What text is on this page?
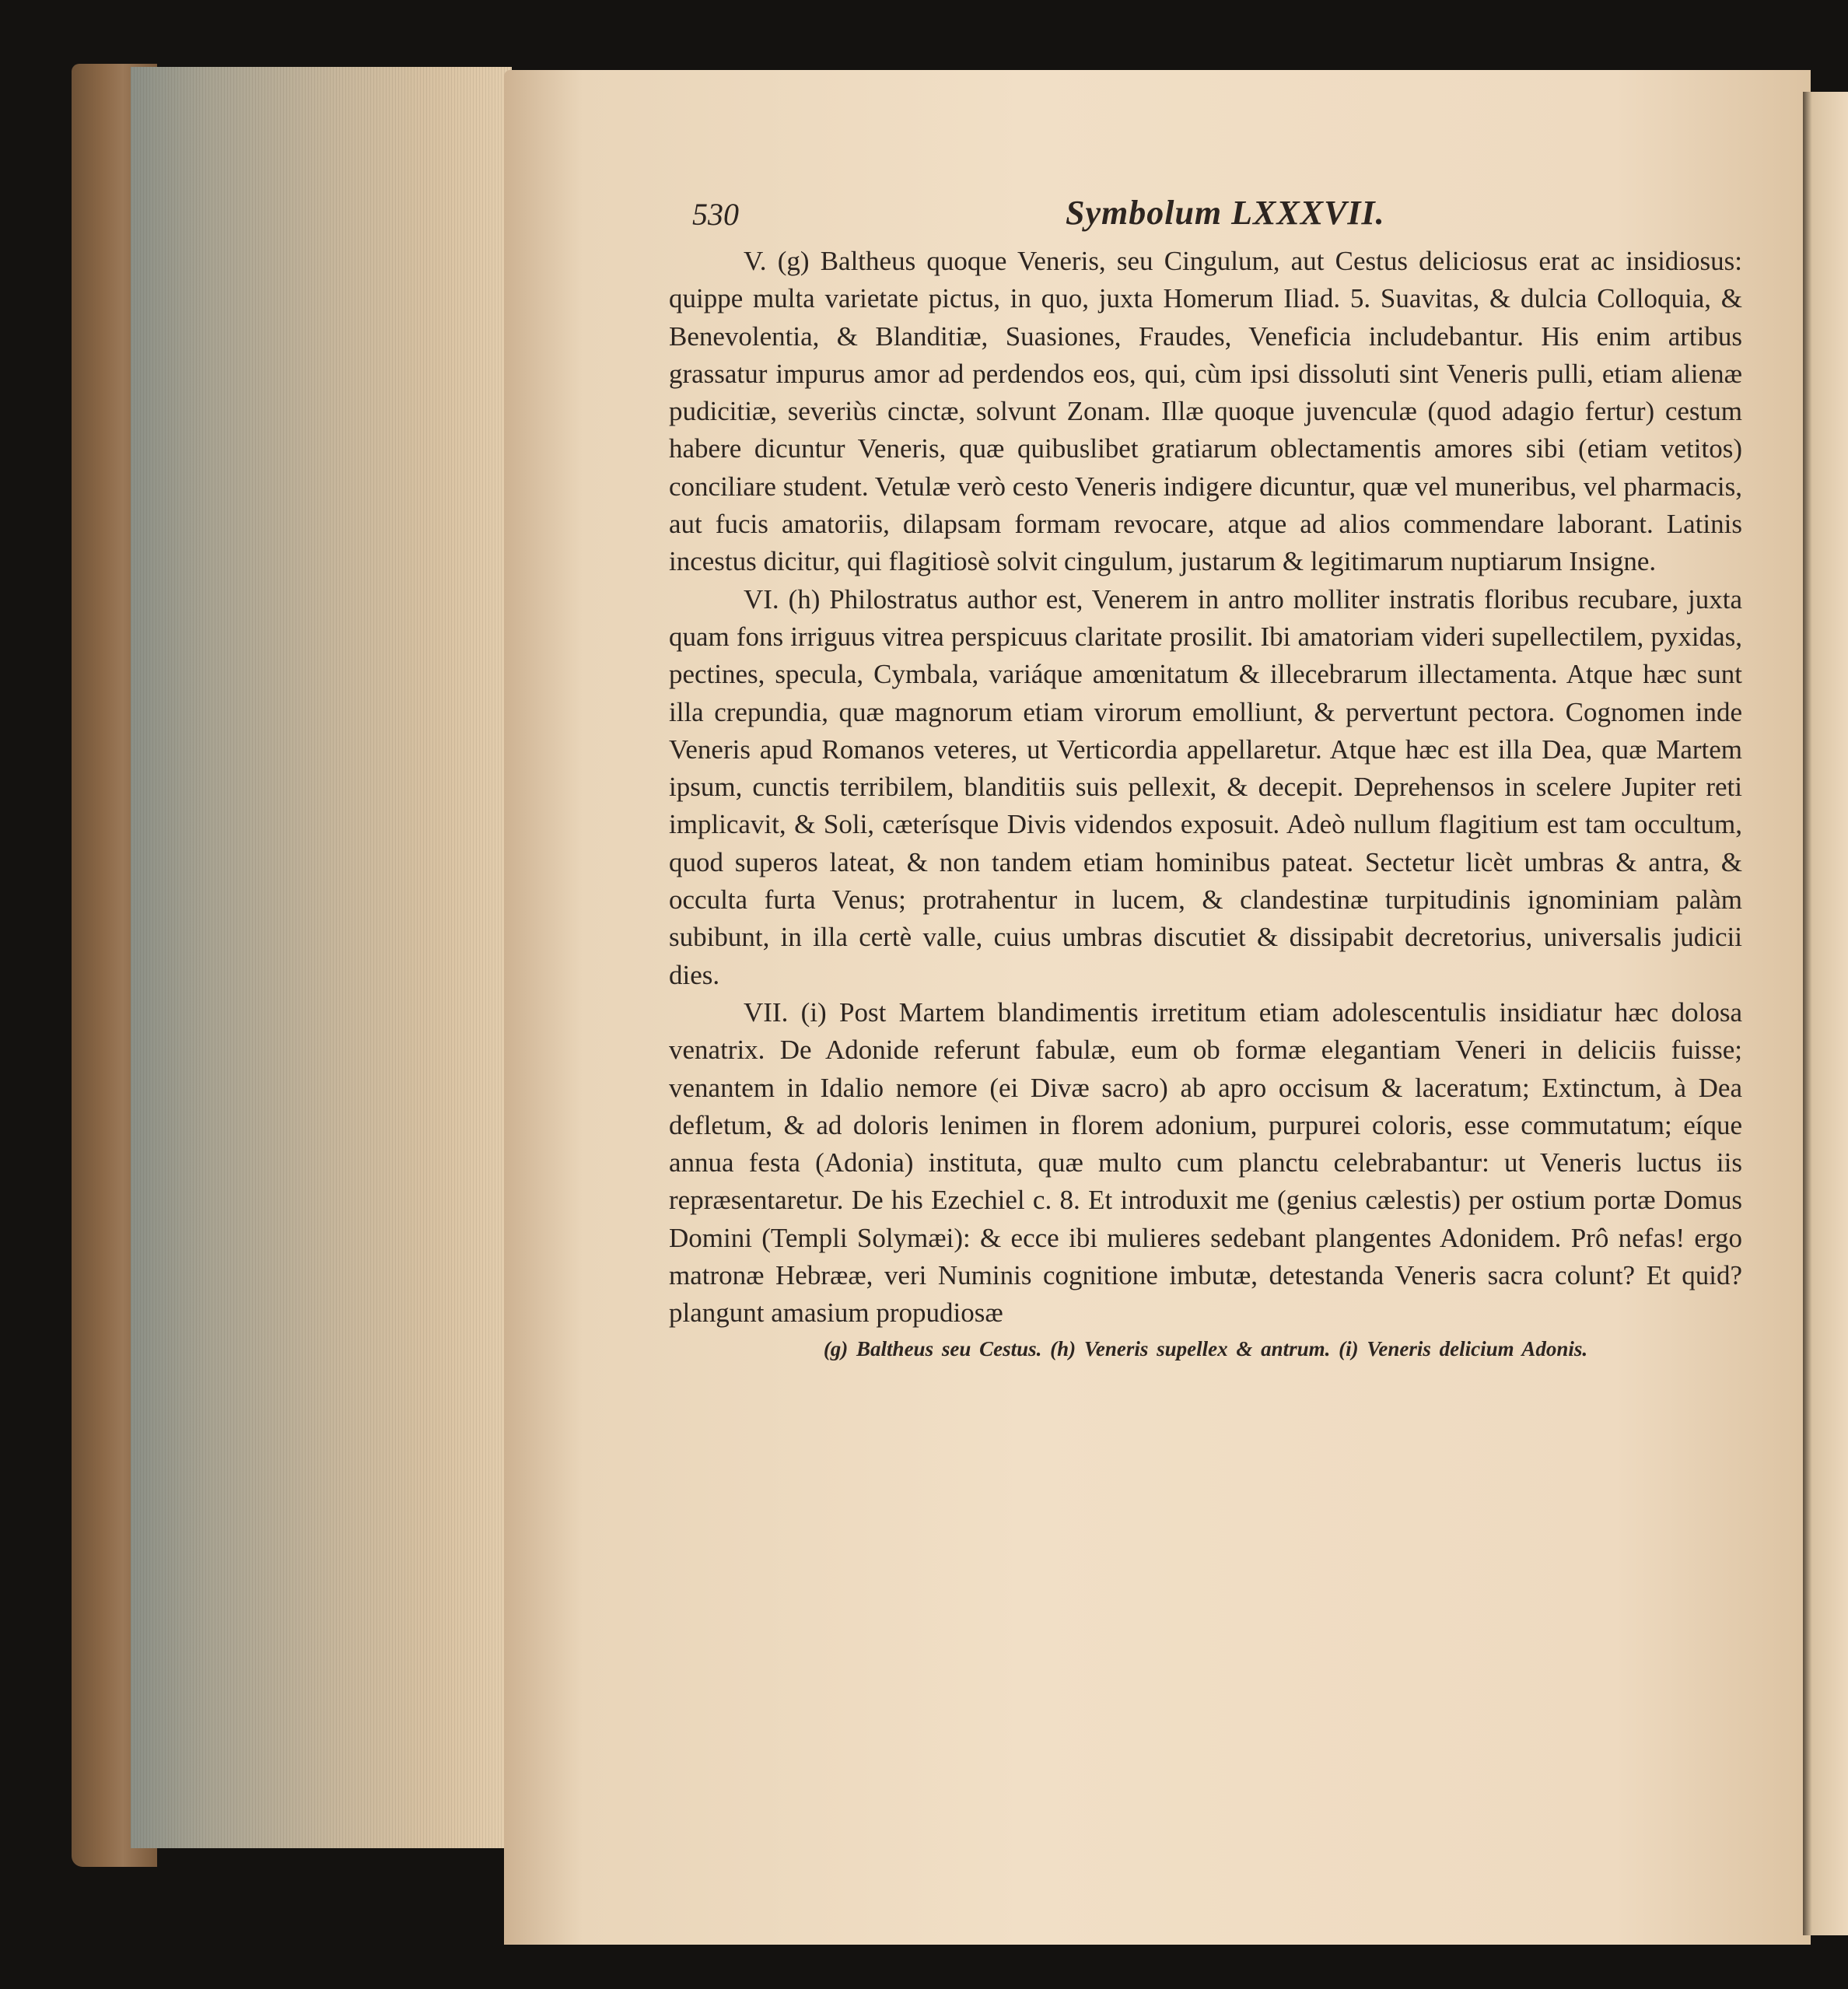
530	Symbolum LXXXVII.

V. (g) Baltheus quoque Veneris, seu Cingulum, aut Cestus deliciosus erat ac insidiosus: quippe multa varietate pictus, in quo, juxta Homerum Iliad. 5. Suavitas, & dulcia Colloquia, & Benevolentia, & Blanditiæ, Suasiones, Fraudes, Veneficia includebantur. His enim artibus grassatur impurus amor ad perdendos eos, qui, cùm ipsi dissoluti sint Veneris pulli, etiam alienæ pudicitiæ, severiùs cinctæ, solvunt Zonam. Illæ quoque juvenculæ (quod adagio fertur) cestum habere dicuntur Veneris, quæ quibuslibet gratiarum oblectamentis amores sibi (etiam vetitos) conciliare student. Vetulæ verò cesto Veneris indigere dicuntur, quæ vel muneribus, vel pharmacis, aut fucis amatoriis, dilapsam formam revocare, atque ad alios commendare laborant. Latinis incestus dicitur, qui flagitiosè solvit cingulum, justarum & legitimarum nuptiarum Insigne.

VI. (h) Philostratus author est, Venerem in antro molliter instratis floribus recubare, juxta quam fons irriguus vitrea perspicuus claritate prosilit. Ibi amatoriam videri supellectilem, pyxidas, pectines, specula, Cymbala, variáque amœnitatum & illecebrarum illectamenta. Atque hæc sunt illa crepundia, quæ magnorum etiam virorum emolliunt, & pervertunt pectora. Cognomen inde Veneris apud Romanos veteres, ut Verticordia appellaretur. Atque hæc est illa Dea, quæ Martem ipsum, cunctis terribilem, blanditiis suis pellexit, & decepit. Deprehensos in scelere Jupiter reti implicavit, & Soli, cæterísque Divis videndos exposuit. Adeò nullum flagitium est tam occultum, quod superos lateat, & non tandem etiam hominibus pateat. Sectetur licèt umbras & antra, & occulta furta Venus; protrahentur in lucem, & clandestinæ turpitudinis ignominiam palàm subibunt, in illa certè valle, cuius umbras discutiet & dissipabit decretorius, universalis judicii dies.

VII. (i) Post Martem blandimentis irretitum etiam adolescentulis insidiatur hæc dolosa venatrix. De Adonide referunt fabulæ, eum ob formæ elegantiam Veneri in deliciis fuisse; venantem in Idalio nemore (ei Divæ sacro) ab apro occisum & laceratum; Extinctum, à Dea defletum, & ad doloris lenimen in florem adonium, purpurei coloris, esse commutatum; eíque annua festa (Adonia) instituta, quæ multo cum planctu celebrabantur: ut Veneris luctus iis repræsentaretur. De his Ezechiel c. 8. Et introduxit me (genius cælestis) per ostium portæ Domus Domini (Templi Solymæi): & ecce ibi mulieres sedebant plangentes Adonidem. Prô nefas! ergo matronæ Hebrææ, veri Numinis cognitione imbutæ, detestanda Veneris sacra colunt? Et quid? plangunt amasium propudiosæ

(g) Baltheus seu Cestus. (h) Veneris supellex & antrum. (i) Veneris delicium Adonis.
